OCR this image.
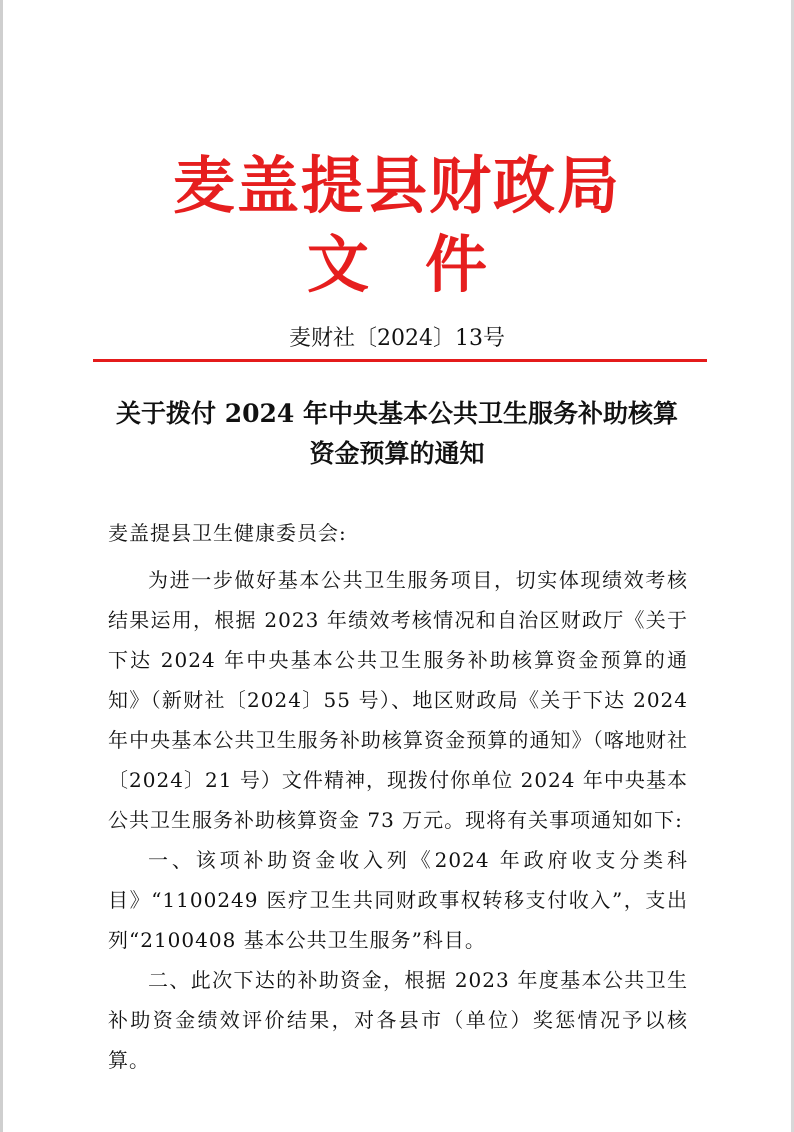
麦盖提县财政局
文件
麦财社〔2024〕13号
关于拨付 2024 年中央基本公共卫生服务补助核算
资金预算的通知
麦盖提县卫生健康委员会:

为进一步做好基本公共卫生服务项目，切实体现绩效考核结果运用，根据 2023 年绩效考核情况和自治区财政厅《关于下达 2024 年中央基本公共卫生服务补助核算资金预算的通知》（新财社〔2024〕55 号）、地区财政局《关于下达 2024 年中央基本公共卫生服务补助核算资金预算的通知》（喀地财社〔2024〕21 号）文件精神，现拨付你单位 2024 年中央基本公共卫生服务补助核算资金 73 万元。现将有关事项通知如下:

一、该项补助资金收入列《2024 年政府收支分类科目》“1100249 医疗卫生共同财政事权转移支付收入”，支出列“2100408 基本公共卫生服务”科目。

二、此次下达的补助资金，根据 2023 年度基本公共卫生补助资金绩效评价结果，对各县市（单位）奖惩情况予以核算。
